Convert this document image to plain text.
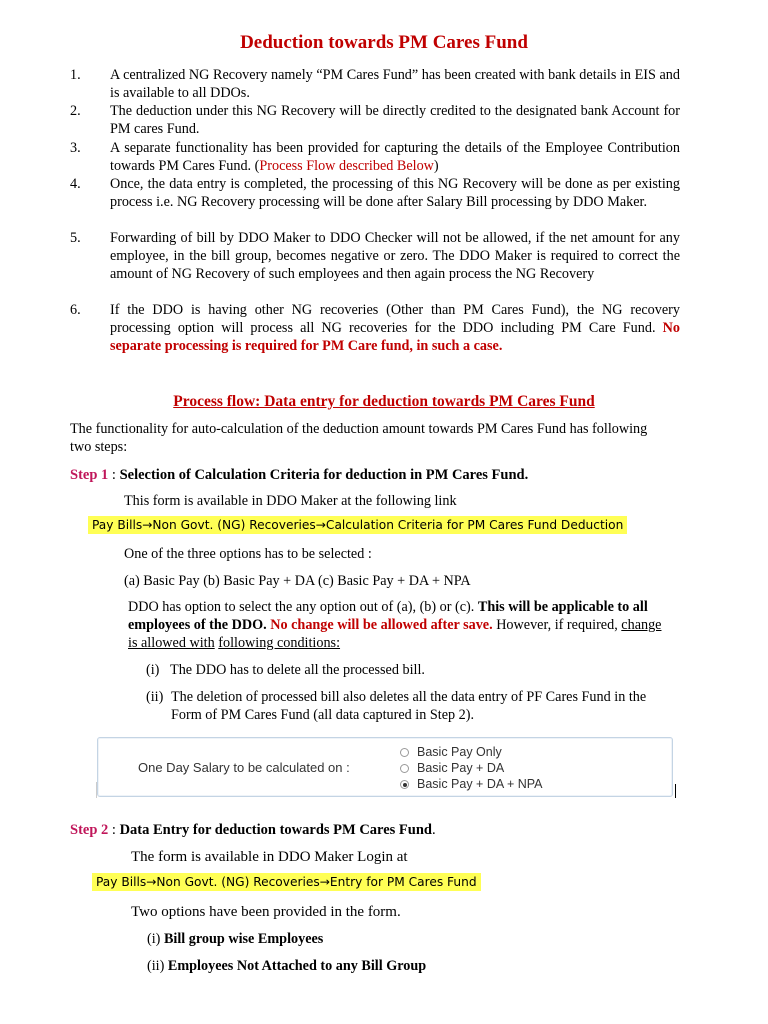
Deduction towards PM Cares Fund
1. A centralized NG Recovery namely “PM Cares Fund” has been created with bank details in EIS and is available to all DDOs.
2. The deduction under this NG Recovery will be directly credited to the designated bank Account for PM cares Fund.
3. A separate functionality has been provided for capturing the details of the Employee Contribution towards PM Cares Fund. (Process Flow described Below)
4. Once, the data entry is completed, the processing of this NG Recovery will be done as per existing process i.e. NG Recovery processing will be done after Salary Bill processing by DDO Maker.
5. Forwarding of bill by DDO Maker to DDO Checker will not be allowed, if the net amount for any employee, in the bill group, becomes negative or zero. The DDO Maker is required to correct the amount of NG Recovery of such employees and then again process the NG Recovery
6. If the DDO is having other NG recoveries (Other than PM Cares Fund), the NG recovery processing option will process all NG recoveries for the DDO including PM Care Fund. No separate processing is required for PM Care fund, in such a case.
Process flow: Data entry for deduction towards PM Cares Fund
The functionality for auto-calculation of the deduction amount towards PM Cares Fund has following two steps:
Step 1 : Selection of Calculation Criteria for deduction in PM Cares Fund.
This form is available in DDO Maker at the following link
Pay Bills→Non Govt. (NG) Recoveries→Calculation Criteria for PM Cares Fund Deduction
One of the three options has to be selected :
(a) Basic Pay (b) Basic Pay + DA (c) Basic Pay + DA + NPA
DDO has option to select the any option out of (a), (b) or (c). This will be applicable to all employees of the DDO. No change will be allowed after save. However, if required, change is allowed with following conditions:
(i) The DDO has to delete all the processed bill.
(ii) The deletion of processed bill also deletes all the data entry of PF Cares Fund in the Form of PM Cares Fund (all data captured in Step 2).
One Day Salary to be calculated on :
Basic Pay Only
Basic Pay + DA
Basic Pay + DA + NPA
Step 2 : Data Entry for deduction towards PM Cares Fund.
The form is available in DDO Maker Login at
Pay Bills→Non Govt. (NG) Recoveries→Entry for PM Cares Fund
Two options have been provided in the form.
(i) Bill group wise Employees
(ii) Employees Not Attached to any Bill Group
